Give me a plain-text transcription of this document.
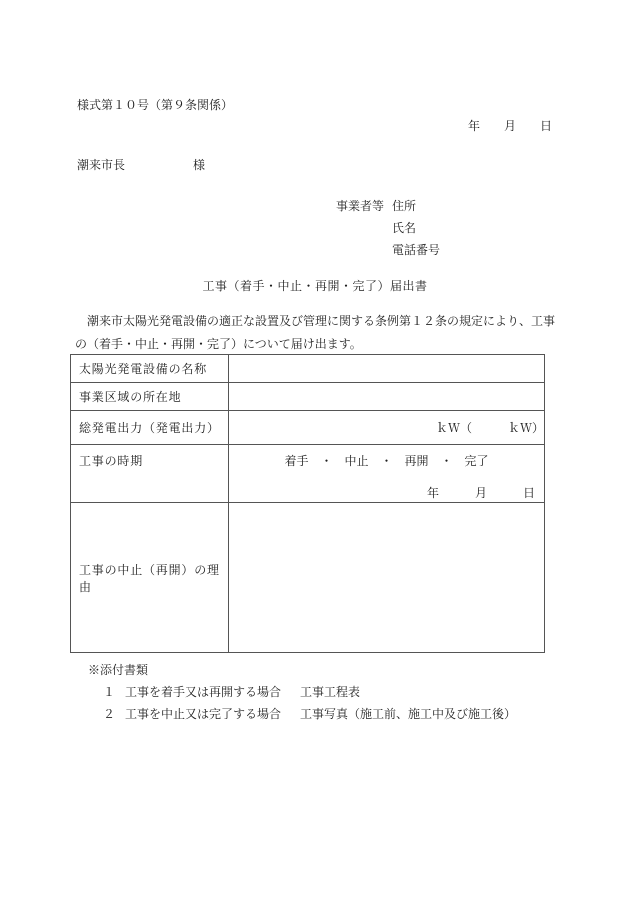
様式第１０号（第９条関係）
年　　月　　日
潮来市長	様
事業者等 住所
氏名
電話番号
工事（着手・中止・再開・完了）届出書
　潮来市太陽光発電設備の適正な設置及び管理に関する条例第１２条の規定により、工事
の（着手・中止・再開・完了）について届け出ます。
太陽光発電設備の名称	
事業区域の所在地	
総発電出力（発電出力）	ｋＷ（　　　ｋＷ）
工事の時期	着手　・　中止　・　再開　・　完了
年　　　月　　　日

工事の中止（再開）の理由	
※添付書類
１ 工事を着手又は再開する場合 工事工程表
２ 工事を中止又は完了する場合 工事写真（施工前、施工中及び施工後）
